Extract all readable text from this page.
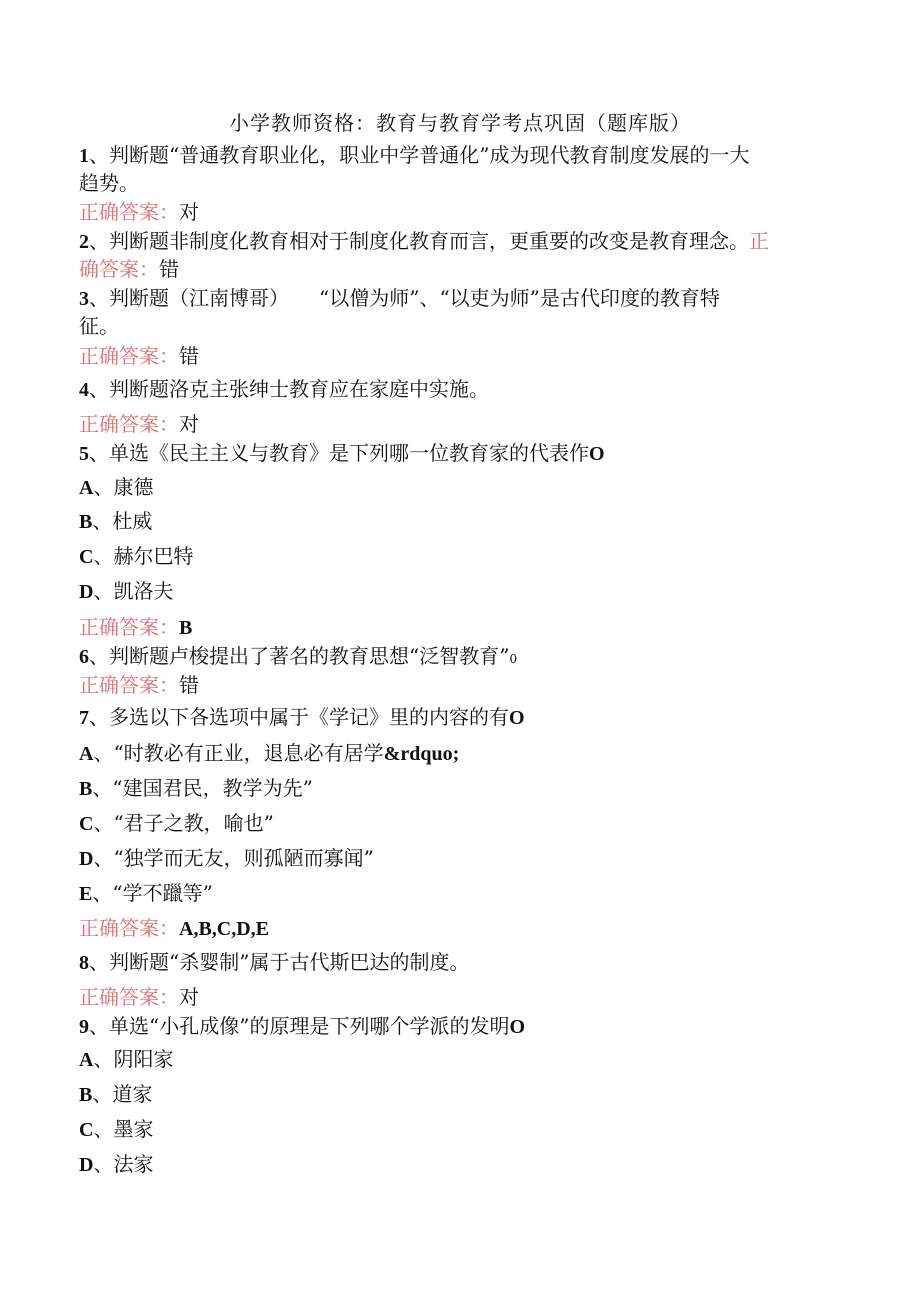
小学教师资格：教育与教育学考点巩固（题库版）
1、判断题“普通教育职业化，职业中学普通化”成为现代教育制度发展的一大
趋势。
正确答案：对
2、判断题非制度化教育相对于制度化教育而言，更重要的改变是教育理念。正
确答案：错
3、判断题（江南博哥）　　“以僧为师”、“以吏为师”是古代印度的教育特
征。
正确答案：错
4、判断题洛克主张绅士教育应在家庭中实施。
正确答案：对
5、单选《民主主义与教育》是下列哪一位教育家的代表作O
A、康德
B、杜威
C、赫尔巴特
D、凯洛夫
正确答案：B
6、判断题卢梭提出了著名的教育思想“泛智教育”0
正确答案：错
7、多选以下各选项中属于《学记》里的内容的有O
A、“时教必有正业，退息必有居学&rdquo;
B、“建国君民，教学为先”
C、“君子之教，喻也”
D、“独学而无友，则孤陋而寡闻”
E、“学不躐等”
正确答案：A,B,C,D,E
8、判断题“杀婴制”属于古代斯巴达的制度。
正确答案：对
9、单选“小孔成像”的原理是下列哪个学派的发明O
A、阴阳家
B、道家
C、墨家
D、法家
